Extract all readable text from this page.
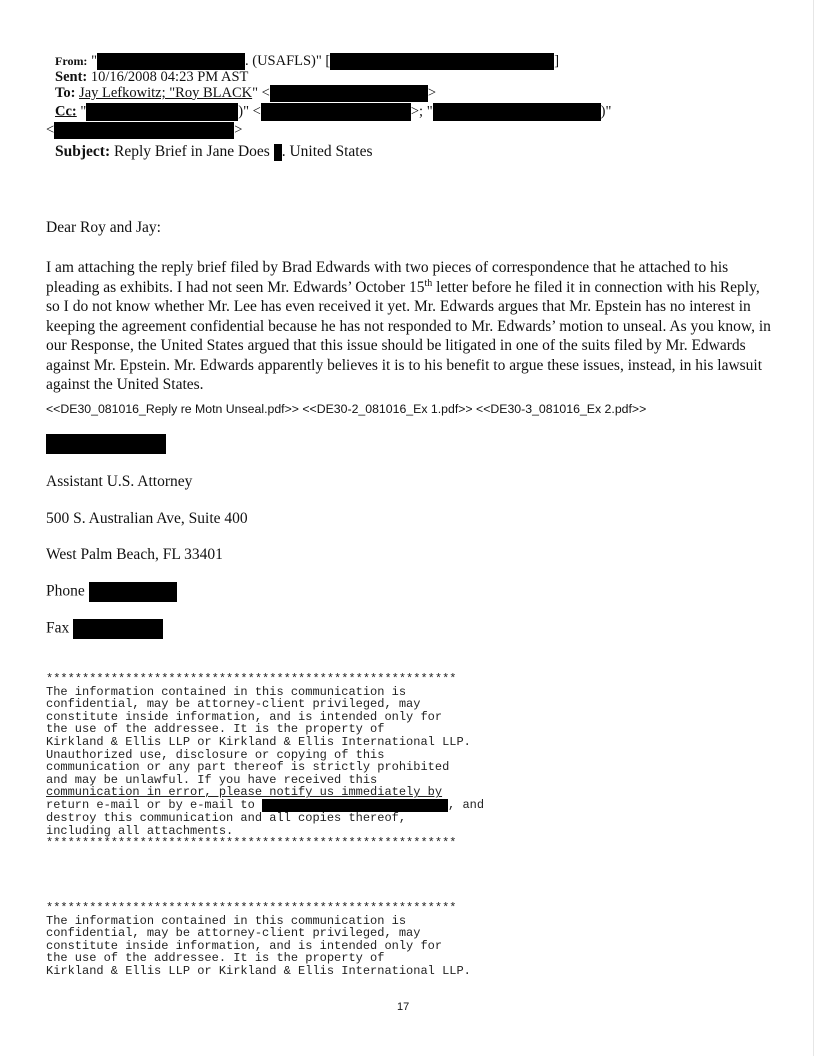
From: "	. (USAFLS)" [	]
Sent: 10/16/2008 04:23 PM AST
To: Jay Lefkowitz; "Roy BLACK" <	>
Cc: "	)" <	>; "	)"
<	>
Subject: Reply Brief in Jane Does . United States
Dear Roy and Jay:
I am attaching the reply brief filed by Brad Edwards with two pieces of correspondence that he attached to his pleading as exhibits. I had not seen Mr. Edwards’ October 15th letter before he filed it in connection with his Reply, so I do not know whether Mr. Lee has even received it yet. Mr. Edwards argues that Mr. Epstein has no interest in keeping the agreement confidential because he has not responded to Mr. Edwards’ motion to unseal. As you know, in our Response, the United States argued that this issue should be litigated in one of the suits filed by Mr. Edwards against Mr. Epstein. Mr. Edwards apparently believes it is to his benefit to argue these issues, instead, in his lawsuit against the United States.
<<DE30_081016_Reply re Motn Unseal.pdf>> <<DE30-2_081016_Ex 1.pdf>> <<DE30-3_081016_Ex 2.pdf>>
Assistant U.S. Attorney
500 S. Australian Ave, Suite 400
West Palm Beach, FL 33401
Phone
Fax
*********************************************************
The information contained in this communication is
confidential, may be attorney-client privileged, may
constitute inside information, and is intended only for
the use of the addressee. It is the property of
Kirkland & Ellis LLP or Kirkland & Ellis International LLP.
Unauthorized use, disclosure or copying of this
communication or any part thereof is strictly prohibited
and may be unlawful. If you have received this
communication in error, please notify us immediately by
return e-mail or by e-mail to	, and
destroy this communication and all copies thereof,
including all attachments.
*********************************************************
*********************************************************
The information contained in this communication is
confidential, may be attorney-client privileged, may
constitute inside information, and is intended only for
the use of the addressee. It is the property of
Kirkland & Ellis LLP or Kirkland & Ellis International LLP.
17
